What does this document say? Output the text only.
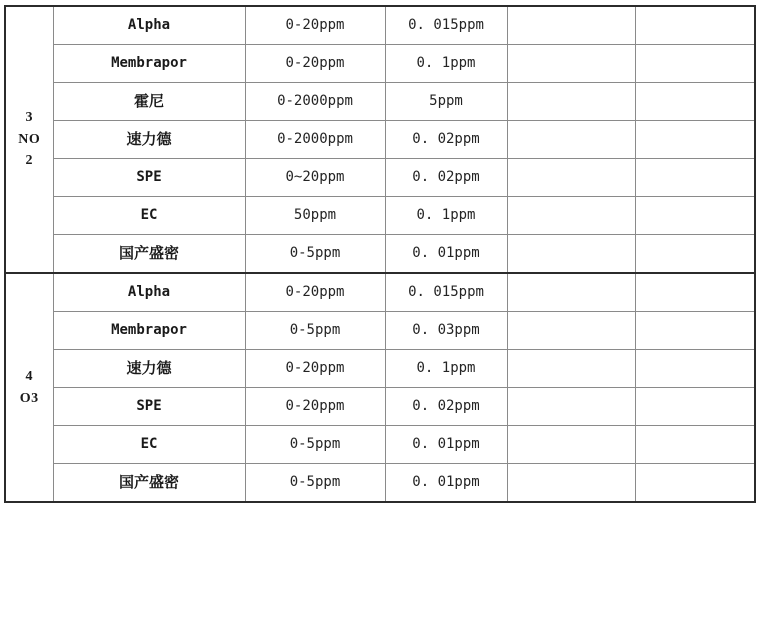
3
NO
2	Alpha	0-20ppm	0. 015ppm		
	Membrapor	0-20ppm	0. 1ppm		
	霍尼	0-2000ppm	5ppm		
	速力德	0-2000ppm	0. 02ppm		
	SPE	0~20ppm	0. 02ppm		
	EC	50ppm	0. 1ppm		
	国产盛密	0-5ppm	0. 01ppm		

4
O3	Alpha	0-20ppm	0. 015ppm		
	Membrapor	0-5ppm	0. 03ppm		
	速力德	0-20ppm	0. 1ppm		
	SPE	0-20ppm	0. 02ppm		
	EC	0-5ppm	0. 01ppm		
	国产盛密	0-5ppm	0. 01ppm		
